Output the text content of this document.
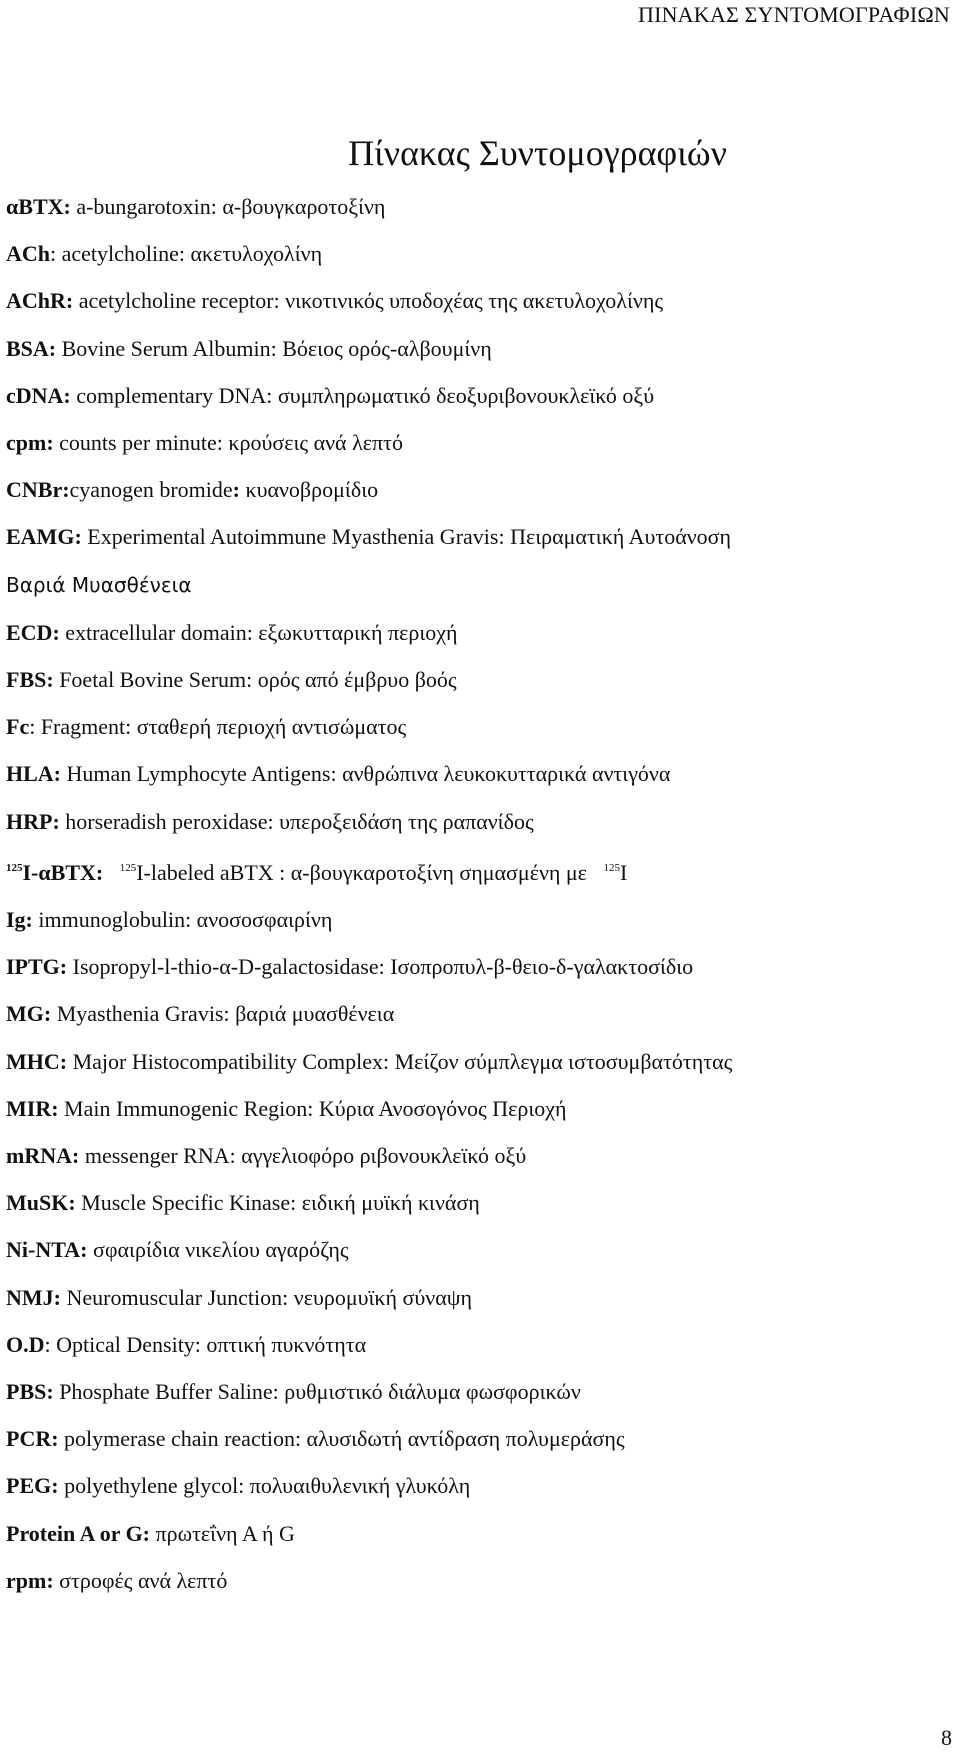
ΠΙΝΑΚΑΣ ΣΥΝΤΟΜΟΓΡΑΦΙΩΝ
Πίνακας Συντομογραφιών
αBTX: a-bungarotoxin: α-βουγκαροτοξίνη
ACh: acetylcholine: ακετυλοχολίνη
AChR: acetylcholine receptor: νικοτινικός υποδοχέας της ακετυλοχολίνης
BSA: Bovine Serum Albumin: Βόειος ορός-αλβουμίνη
cDNA: complementary DNA: συμπληρωματικό δεοξυριβονουκλεϊκό οξύ
cpm: counts per minute: κρούσεις ανά λεπτό
CNBr:cyanogen bromide: κυανοβρομίδιο
EAMG: Experimental Autoimmune Myasthenia Gravis: Πειραματική Αυτοάνοση
Βαριά Μυασθένεια
ECD: extracellular domain: εξωκυτταρική περιοχή
FBS: Foetal Bovine Serum: ορός από έμβρυο βοός
Fc: Fragment: σταθερή περιοχή αντισώματος
HLA: Human Lymphocyte Antigens: ανθρώπινα λευκοκυτταρικά αντιγόνα
HRP: horseradish peroxidase: υπεροξειδάση της ραπανίδος
$^{125}$I-αBTX: $^{125}$I-labeled aBTX : α-βουγκαροτοξίνη σημασμένη με   $^{125}$I
Ig: immunoglobulin: ανοσοσφαιρίνη
IPTG: Isopropyl-l-thio-α-D-galactosidase: Ισοπροπυλ-β-θειο-δ-γαλακτοσίδιο
MG: Myasthenia Gravis: βαριά μυασθένεια
MHC: Major Histocompatibility Complex: Μείζον σύμπλεγμα ιστοσυμβατότητας
MIR: Main Immunogenic Region: Κύρια Ανοσογόνος Περιοχή
mRNA: messenger RNA: αγγελιοφόρο ριβονουκλεϊκό οξύ
MuSK: Muscle Specific Kinase: ειδική μυϊκή κινάση
Ni-NTA: σφαιρίδια νικελίου αγαρόζης
NMJ: Neuromuscular Junction: νευρομυϊκή σύναψη
O.D: Optical Density: οπτική πυκνότητα
PBS: Phosphate Buffer Saline: ρυθμιστικό διάλυμα φωσφορικών
PCR: polymerase chain reaction: αλυσιδωτή αντίδραση πολυμεράσης
PEG: polyethylene glycol: πολυαιθυλενική γλυκόλη
Protein A or G: πρωτεΐνη Α ή G
rpm: στροφές ανά λεπτό
8
